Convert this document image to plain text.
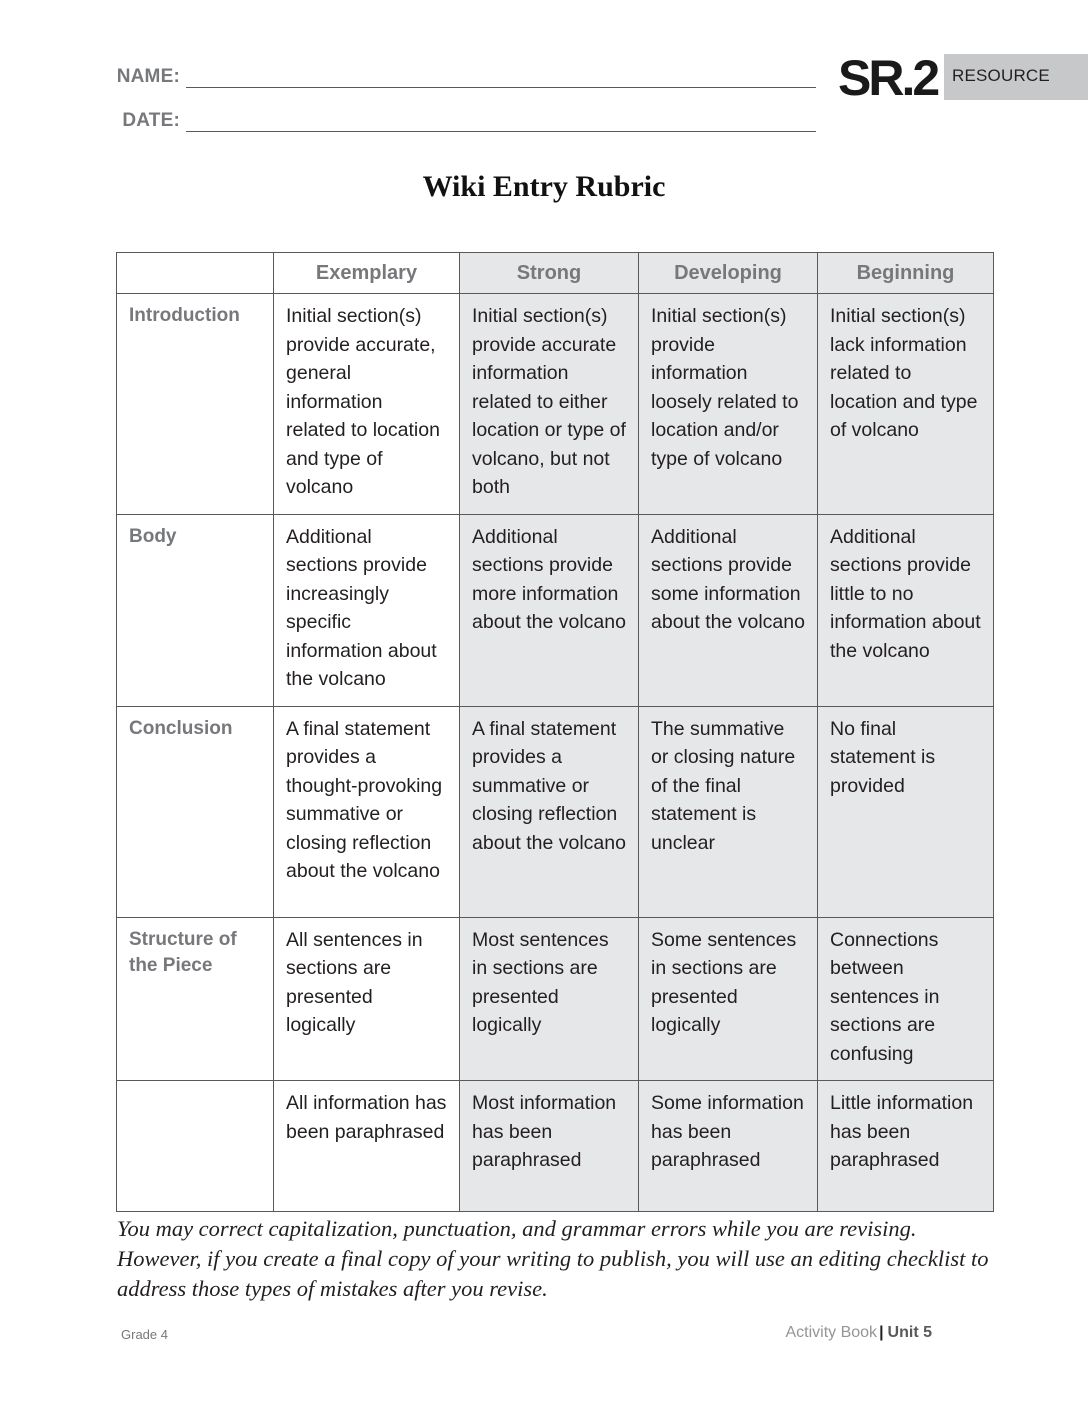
NAME:
DATE:
SR.2 RESOURCE
Wiki Entry Rubric
	Exemplary	Strong	Developing	Beginning
Introduction	Initial section(s) provide accurate, general information related to location and type of volcano	Initial section(s) provide accurate information related to either location or type of volcano, but not both	Initial section(s) provide information loosely related to location and/or type of volcano	Initial section(s) lack information related to location and type of volcano
Body	Additional sections provide increasingly specific information about the volcano	Additional sections provide more information about the volcano	Additional sections provide some information about the volcano	Additional sections provide little to no information about the volcano
Conclusion	A final statement provides a thought-provoking summative or closing reflection about the volcano	A final statement provides a summative or closing reflection about the volcano	The summative or closing nature of the final statement is unclear	No final statement is provided
Structure of the Piece	All sentences in sections are presented logically	Most sentences in sections are presented logically	Some sentences in sections are presented logically	Connections between sentences in sections are confusing
	All information has been paraphrased	Most information has been paraphrased	Some information has been paraphrased	Little information has been paraphrased
You may correct capitalization, punctuation, and grammar errors while you are revising. However, if you create a final copy of your writing to publish, you will use an editing checklist to address those types of mistakes after you revise.
Grade 4	Activity Book | Unit 5
